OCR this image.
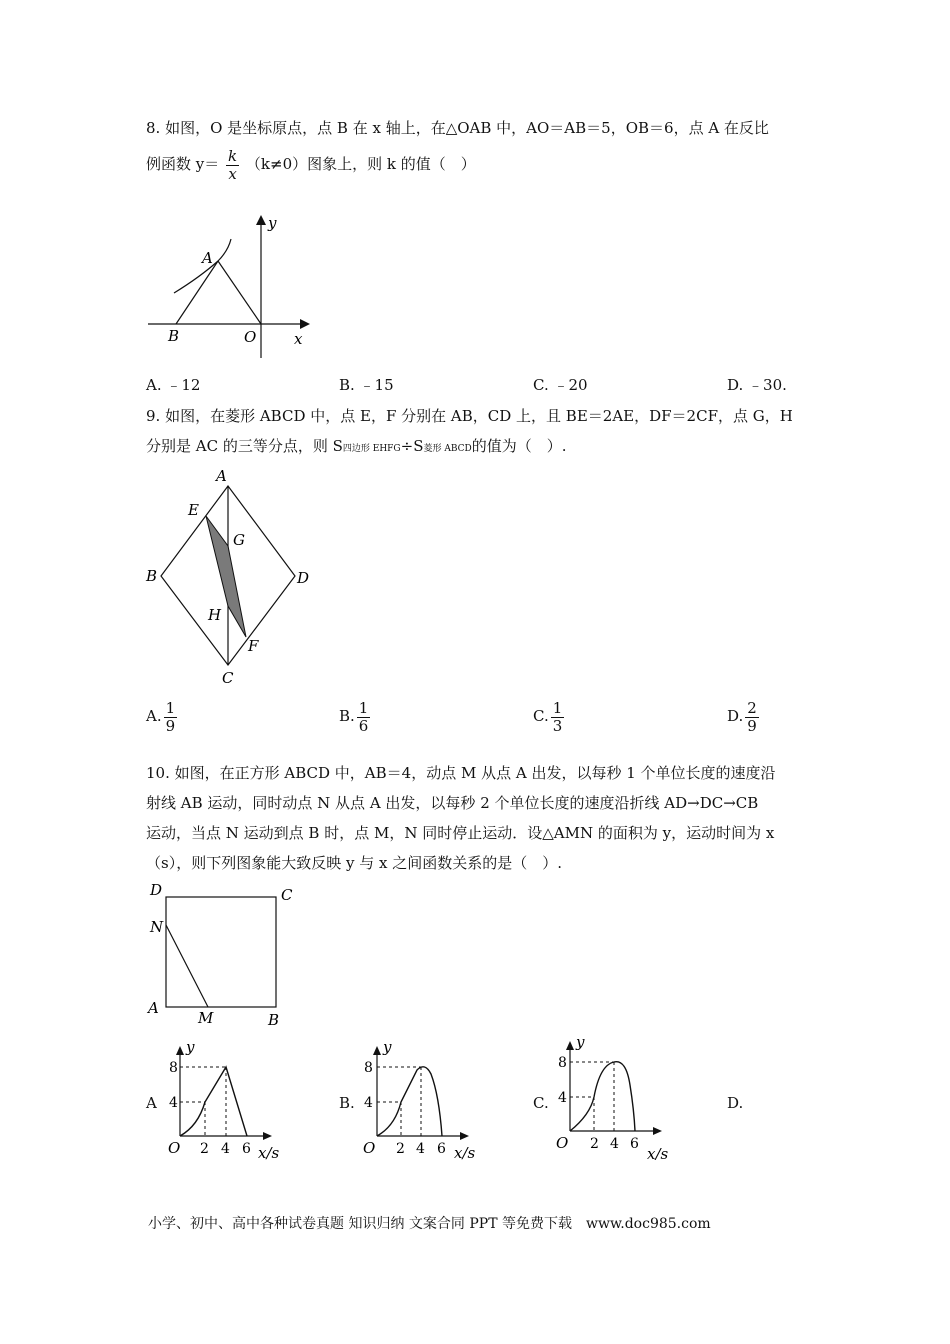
8. 如图，O 是坐标原点，点 B 在 x 轴上，在△OAB 中，AO＝AB＝5，OB＝6，点 A 在反比
例函数 $y= \frac{k}{x} (k\ne 0)$图象上，则 k 的值（　）
A
B	O	x
y
A. ﹣12	B. ﹣15	C. ﹣20	D. ﹣30.
9. 如图，在菱形 ABCD 中，点 E，F 分别在 AB，CD 上，且 BE＝2AE，DF＝2CF，点 G，H
分别是 AC 的三等分点，则 S四边形 EHFG÷S菱形 ABCD的值为（　）.
A
E
G
B	D
H
F
C
A. $\frac{1}{9}$	B. $\frac{1}{6}$	C. $\frac{1}{3}$	D. $\frac{2}{9}$
10. 如图，在正方形 ABCD 中，AB＝4，动点 M 从点 A 出发，以每秒 1 个单位长度的速度沿
射线 AB 运动，同时动点 N 从点 A 出发，以每秒 2 个单位长度的速度沿折线 AD→DC→CB
运动，当点 N 运动到点 B 时，点 M，N 同时停止运动．设△AMN 的面积为 y，运动时间为 x
（s），则下列图象能大致反映 y 与 x 之间函数关系的是（　）.
D	C
N
A
M	B
A
y
8
4
O 2 4 6 x/s
B.
y
8
4
O 2 4 6 x/s
C.
y
8
4
O 2 4 6
x/s
D.
小学、初中、高中各种试卷真题 知识归纳 文案合同 PPT 等免费下载　www.doc985.com
